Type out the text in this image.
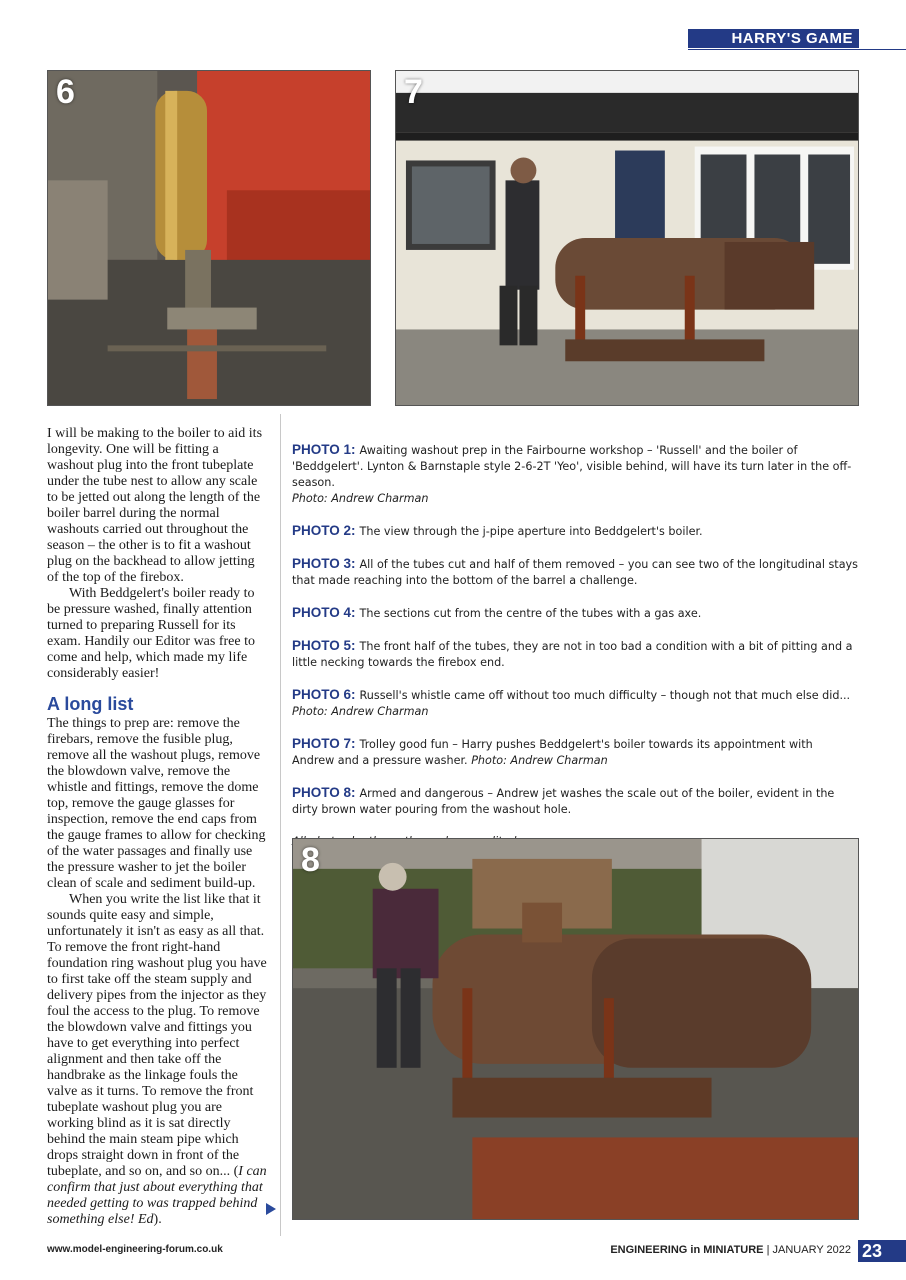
HARRY'S GAME
6	7

I will be making to the boiler to aid its longevity. One will be fitting a washout plug into the front tubeplate under the tube nest to allow any scale to be jetted out along the length of the boiler barrel during the normal washouts carried out throughout the season – the other is to fit a washout plug on the backhead to allow jetting of the top of the firebox.

With Beddgelert's boiler ready to be pressure washed, finally attention turned to preparing Russell for its exam. Handily our Editor was free to come and help, which made my life considerably easier!

A long list

The things to prep are: remove the firebars, remove the fusible plug, remove all the washout plugs, remove the blowdown valve, remove the whistle and fittings, remove the dome top, remove the gauge glasses for inspection, remove the end caps from the gauge frames to allow for checking of the water passages and finally use the pressure washer to jet the boiler clean of scale and sediment build-up.

When you write the list like that it sounds quite easy and simple, unfortunately it isn't as easy as all that. To remove the front right-hand foundation ring washout plug you have to first take off the steam supply and delivery pipes from the injector as they foul the access to the plug. To remove the blowdown valve and fittings you have to get everything into perfect alignment and then take off the handbrake as the linkage fouls the valve as it turns. To remove the front tubeplate washout plug you are working blind as it is sat directly behind the main steam pipe which drops straight down in front of the tubeplate, and so on, and so on... (I can confirm that just about everything that needed getting to was trapped behind something else! Ed).

PHOTO 1: Awaiting washout prep in the Fairbourne workshop – 'Russell' and the boiler of 'Beddgelert'. Lynton & Barnstaple style 2-6-2T 'Yeo', visible behind, will have its turn later in the off-season.
Photo: Andrew Charman

PHOTO 2: The view through the j-pipe aperture into Beddgelert's boiler.

PHOTO 3: All of the tubes cut and half of them removed – you can see two of the longitudinal stays that made reaching into the bottom of the barrel a challenge.

PHOTO 4: The sections cut from the centre of the tubes with a gas axe.

PHOTO 5: The front half of the tubes, they are not in too bad a condition with a bit of pitting and a little necking towards the firebox end.

PHOTO 6: Russell's whistle came off without too much difficulty – though not that much else did...
Photo: Andrew Charman

PHOTO 7: Trolley good fun – Harry pushes Beddgelert's boiler towards its appointment with Andrew and a pressure washer. Photo: Andrew Charman

PHOTO 8: Armed and dangerous – Andrew jet washes the scale out of the boiler, evident in the dirty brown water pouring from the washout hole.

8
www.model-engineering-forum.co.uk	ENGINEERING in MINIATURE | JANUARY 2022 23
